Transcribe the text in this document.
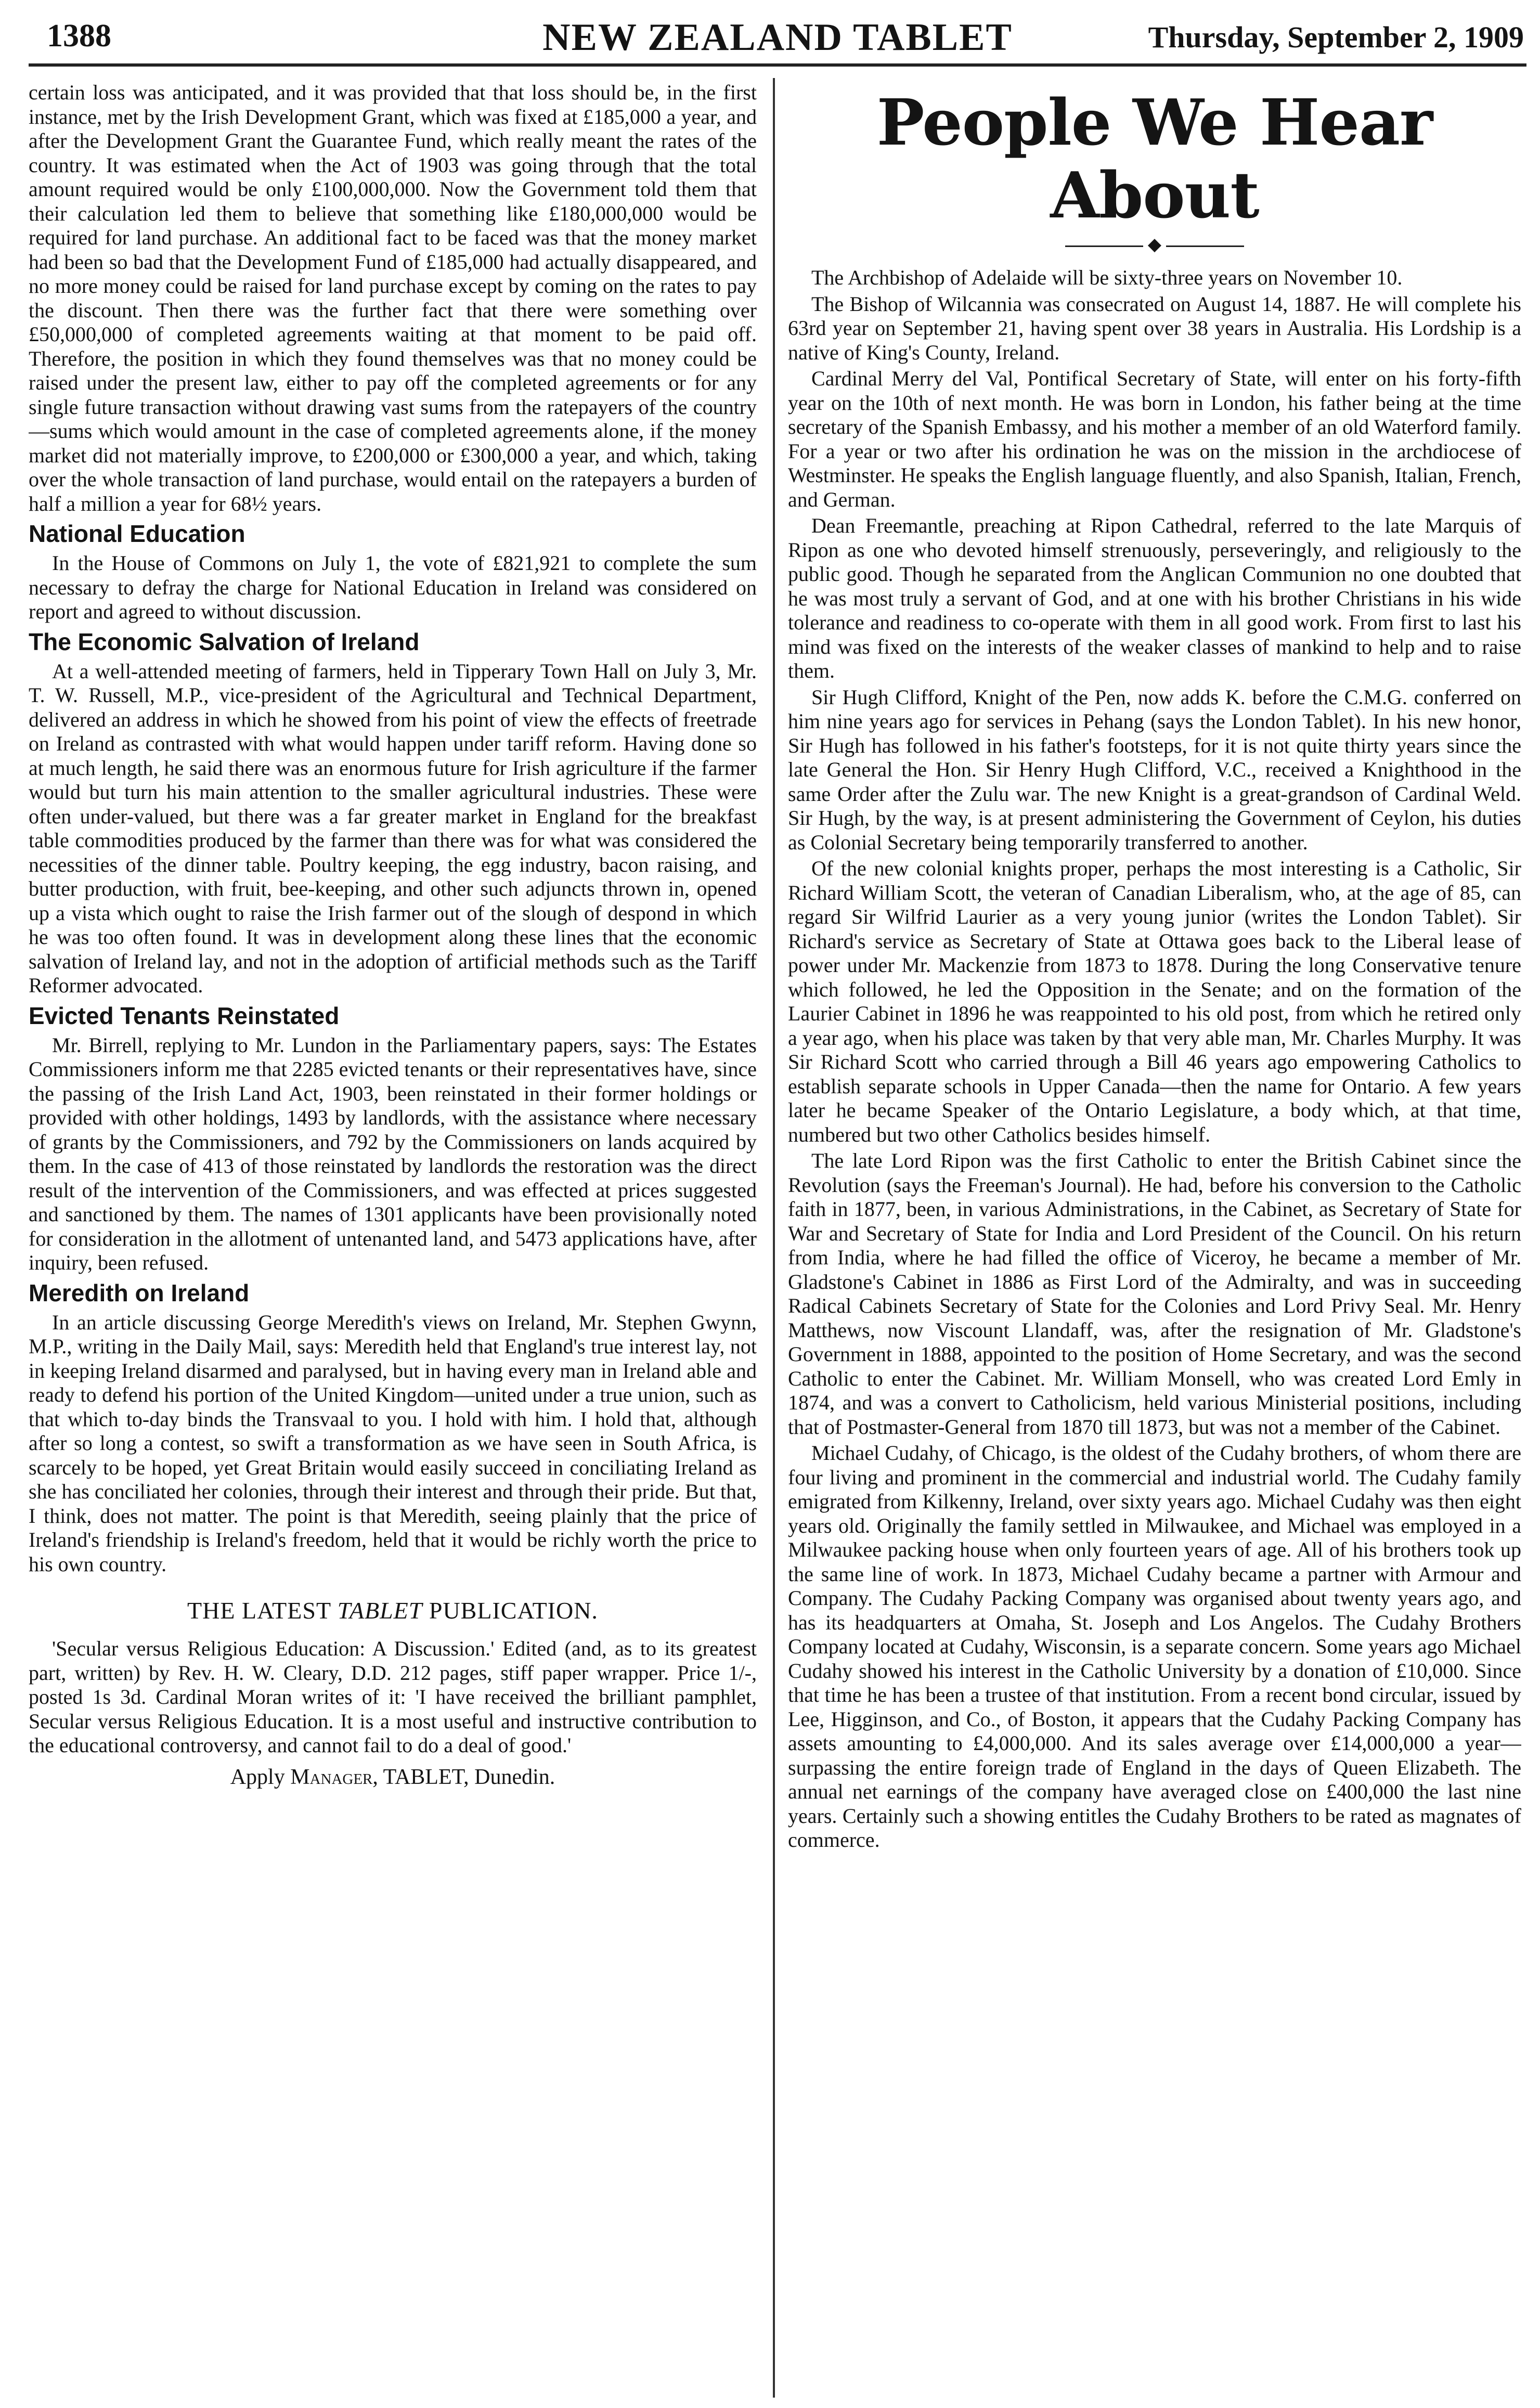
1388	NEW ZEALAND TABLET	Thursday, September 2, 1909

certain loss was anticipated, and it was provided that that loss should be, in the first instance, met by the Irish Development Grant, which was fixed at £185,000 a year, and after the Development Grant the Guarantee Fund, which really meant the rates of the country. It was estimated when the Act of 1903 was going through that the total amount required would be only £100,000,000. Now the Government told them that their calculation led them to believe that something like £180,000,000 would be required for land purchase. An additional fact to be faced was that the money market had been so bad that the Development Fund of £185,000 had actually disappeared, and no more money could be raised for land purchase except by coming on the rates to pay the discount. Then there was the further fact that there were something over £50,000,000 of completed agreements waiting at that moment to be paid off. Therefore, the position in which they found themselves was that no money could be raised under the present law, either to pay off the completed agreements or for any single future transaction without drawing vast sums from the ratepayers of the country—sums which would amount in the case of completed agreements alone, if the money market did not materially improve, to £200,000 or £300,000 a year, and which, taking over the whole transaction of land purchase, would entail on the ratepayers a burden of half a million a year for 68½ years.

National Education

In the House of Commons on July 1, the vote of £821,921 to complete the sum necessary to defray the charge for National Education in Ireland was considered on report and agreed to without discussion.

The Economic Salvation of Ireland

At a well-attended meeting of farmers, held in Tipperary Town Hall on July 3, Mr. T. W. Russell, M.P., vice-president of the Agricultural and Technical Department, delivered an address in which he showed from his point of view the effects of freetrade on Ireland as contrasted with what would happen under tariff reform. Having done so at much length, he said there was an enormous future for Irish agriculture if the farmer would but turn his main attention to the smaller agricultural industries. These were often under-valued, but there was a far greater market in England for the breakfast table commodities produced by the farmer than there was for what was considered the necessities of the dinner table. Poultry keeping, the egg industry, bacon raising, and butter production, with fruit, bee-keeping, and other such adjuncts thrown in, opened up a vista which ought to raise the Irish farmer out of the slough of despond in which he was too often found. It was in development along these lines that the economic salvation of Ireland lay, and not in the adoption of artificial methods such as the Tariff Reformer advocated.

Evicted Tenants Reinstated

Mr. Birrell, replying to Mr. Lundon in the Parliamentary papers, says: The Estates Commissioners inform me that 2285 evicted tenants or their representatives have, since the passing of the Irish Land Act, 1903, been reinstated in their former holdings or provided with other holdings, 1493 by landlords, with the assistance where necessary of grants by the Commissioners, and 792 by the Commissioners on lands acquired by them. In the case of 413 of those reinstated by landlords the restoration was the direct result of the intervention of the Commissioners, and was effected at prices suggested and sanctioned by them. The names of 1301 applicants have been provisionally noted for consideration in the allotment of untenanted land, and 5473 applications have, after inquiry, been refused.

Meredith on Ireland

In an article discussing George Meredith's views on Ireland, Mr. Stephen Gwynn, M.P., writing in the Daily Mail, says: Meredith held that England's true interest lay, not in keeping Ireland disarmed and paralysed, but in having every man in Ireland able and ready to defend his portion of the United Kingdom—united under a true union, such as that which to-day binds the Transvaal to you. I hold with him. I hold that, although after so long a contest, so swift a transformation as we have seen in South Africa, is scarcely to be hoped, yet Great Britain would easily succeed in conciliating Ireland as she has conciliated her colonies, through their interest and through their pride. But that, I think, does not matter. The point is that Meredith, seeing plainly that the price of Ireland's friendship is Ireland's freedom, held that it would be richly worth the price to his own country.

THE LATEST TABLET PUBLICATION.

'Secular versus Religious Education: A Discussion.' Edited (and, as to its greatest part, written) by Rev. H. W. Cleary, D.D. 212 pages, stiff paper wrapper. Price 1/-, posted 1s 3d. Cardinal Moran writes of it: 'I have received the brilliant pamphlet, Secular versus Religious Education. It is a most useful and instructive contribution to the educational controversy, and cannot fail to do a deal of good.'

Apply Manager, TABLET, Dunedin.
People We Hear About
◆

The Archbishop of Adelaide will be sixty-three years on November 10.

The Bishop of Wilcannia was consecrated on August 14, 1887. He will complete his 63rd year on September 21, having spent over 38 years in Australia. His Lordship is a native of King's County, Ireland.

Cardinal Merry del Val, Pontifical Secretary of State, will enter on his forty-fifth year on the 10th of next month. He was born in London, his father being at the time secretary of the Spanish Embassy, and his mother a member of an old Waterford family. For a year or two after his ordination he was on the mission in the archdiocese of Westminster. He speaks the English language fluently, and also Spanish, Italian, French, and German.

Dean Freemantle, preaching at Ripon Cathedral, referred to the late Marquis of Ripon as one who devoted himself strenuously, perseveringly, and religiously to the public good. Though he separated from the Anglican Communion no one doubted that he was most truly a servant of God, and at one with his brother Christians in his wide tolerance and readiness to co-operate with them in all good work. From first to last his mind was fixed on the interests of the weaker classes of mankind to help and to raise them.

Sir Hugh Clifford, Knight of the Pen, now adds K. before the C.M.G. conferred on him nine years ago for services in Pehang (says the London Tablet). In his new honor, Sir Hugh has followed in his father's footsteps, for it is not quite thirty years since the late General the Hon. Sir Henry Hugh Clifford, V.C., received a Knighthood in the same Order after the Zulu war. The new Knight is a great-grandson of Cardinal Weld. Sir Hugh, by the way, is at present administering the Government of Ceylon, his duties as Colonial Secretary being temporarily transferred to another.

Of the new colonial knights proper, perhaps the most interesting is a Catholic, Sir Richard William Scott, the veteran of Canadian Liberalism, who, at the age of 85, can regard Sir Wilfrid Laurier as a very young junior (writes the London Tablet). Sir Richard's service as Secretary of State at Ottawa goes back to the Liberal lease of power under Mr. Mackenzie from 1873 to 1878. During the long Conservative tenure which followed, he led the Opposition in the Senate; and on the formation of the Laurier Cabinet in 1896 he was reappointed to his old post, from which he retired only a year ago, when his place was taken by that very able man, Mr. Charles Murphy. It was Sir Richard Scott who carried through a Bill 46 years ago empowering Catholics to establish separate schools in Upper Canada—then the name for Ontario. A few years later he became Speaker of the Ontario Legislature, a body which, at that time, numbered but two other Catholics besides himself.

The late Lord Ripon was the first Catholic to enter the British Cabinet since the Revolution (says the Freeman's Journal). He had, before his conversion to the Catholic faith in 1877, been, in various Administrations, in the Cabinet, as Secretary of State for War and Secretary of State for India and Lord President of the Council. On his return from India, where he had filled the office of Viceroy, he became a member of Mr. Gladstone's Cabinet in 1886 as First Lord of the Admiralty, and was in succeeding Radical Cabinets Secretary of State for the Colonies and Lord Privy Seal. Mr. Henry Matthews, now Viscount Llandaff, was, after the resignation of Mr. Gladstone's Government in 1888, appointed to the position of Home Secretary, and was the second Catholic to enter the Cabinet. Mr. William Monsell, who was created Lord Emly in 1874, and was a convert to Catholicism, held various Ministerial positions, including that of Postmaster-General from 1870 till 1873, but was not a member of the Cabinet.

Michael Cudahy, of Chicago, is the oldest of the Cudahy brothers, of whom there are four living and prominent in the commercial and industrial world. The Cudahy family emigrated from Kilkenny, Ireland, over sixty years ago. Michael Cudahy was then eight years old. Originally the family settled in Milwaukee, and Michael was employed in a Milwaukee packing house when only fourteen years of age. All of his brothers took up the same line of work. In 1873, Michael Cudahy became a partner with Armour and Company. The Cudahy Packing Company was organised about twenty years ago, and has its headquarters at Omaha, St. Joseph and Los Angelos. The Cudahy Brothers Company located at Cudahy, Wisconsin, is a separate concern. Some years ago Michael Cudahy showed his interest in the Catholic University by a donation of £10,000. Since that time he has been a trustee of that institution. From a recent bond circular, issued by Lee, Higginson, and Co., of Boston, it appears that the Cudahy Packing Company has assets amounting to £4,000,000. And its sales average over £14,000,000 a year—surpassing the entire foreign trade of England in the days of Queen Elizabeth. The annual net earnings of the company have averaged close on £400,000 the last nine years. Certainly such a showing entitles the Cudahy Brothers to be rated as magnates of commerce.
